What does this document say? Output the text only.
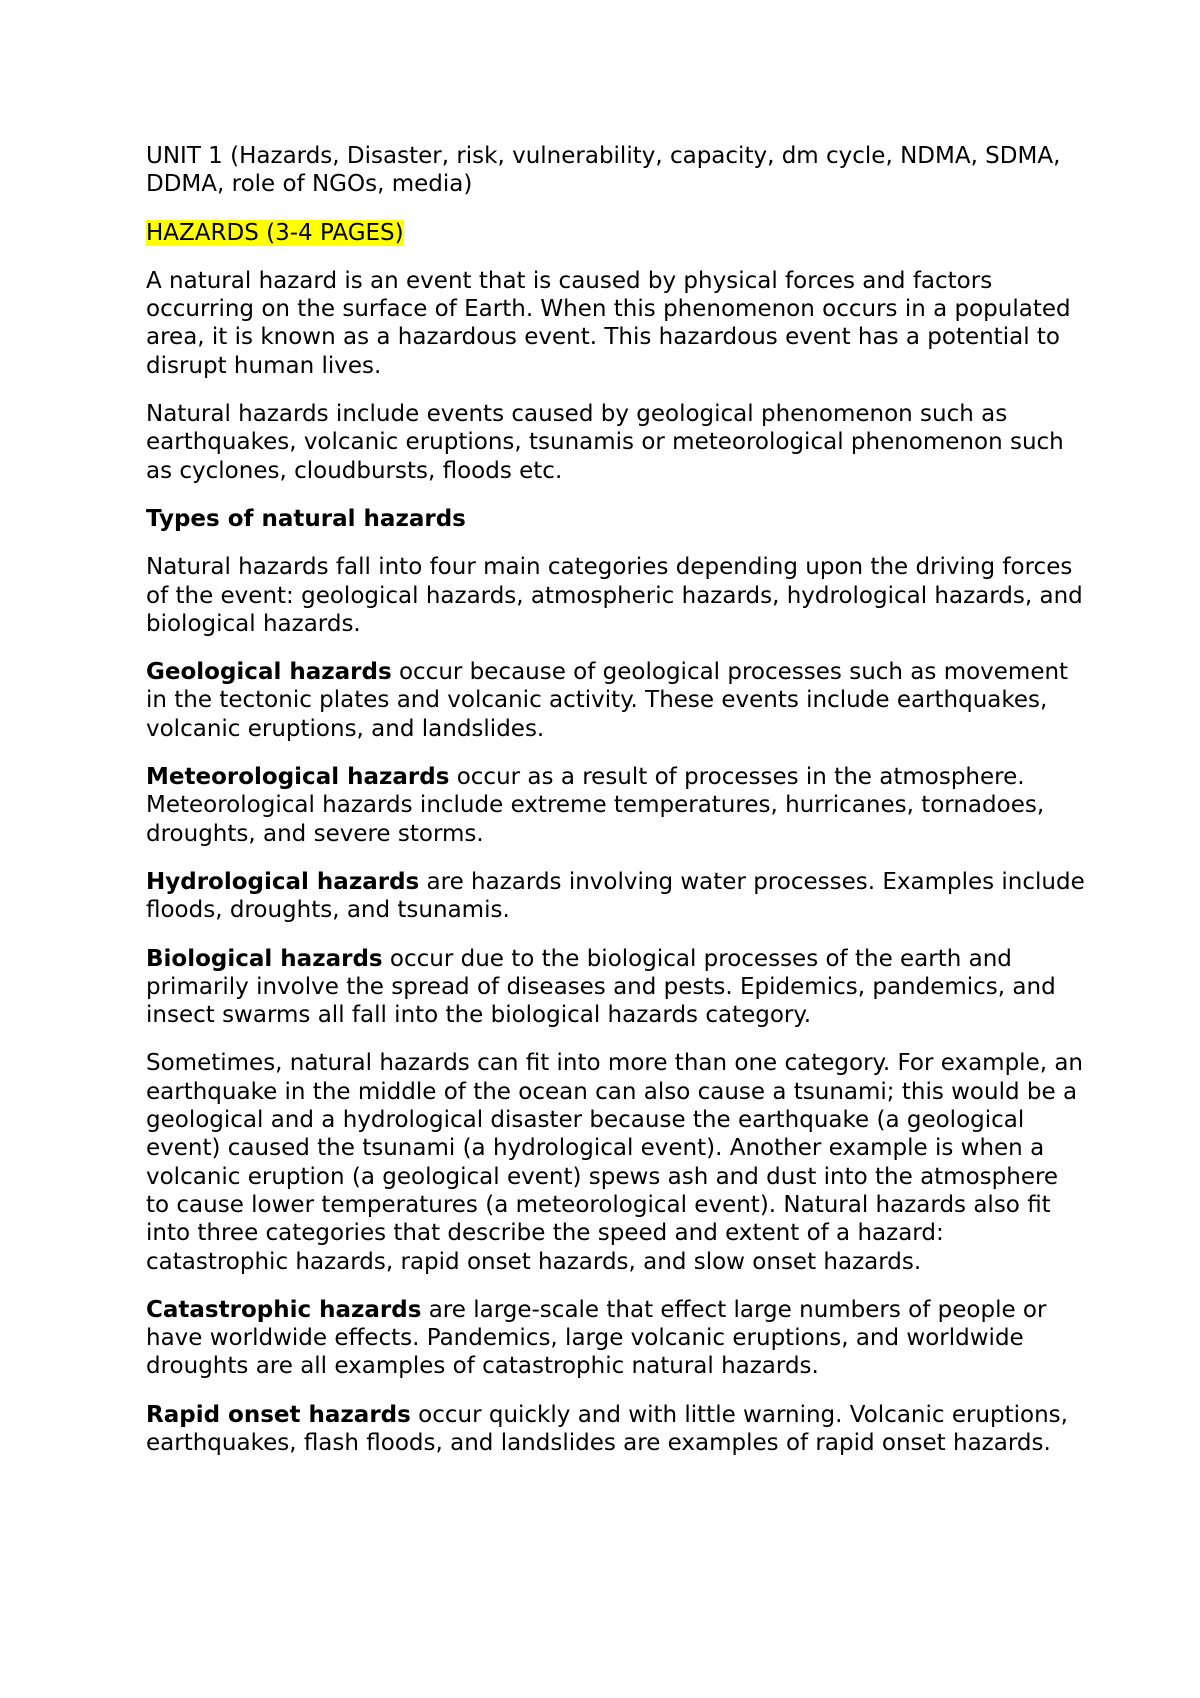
UNIT 1 (Hazards, Disaster, risk, vulnerability, capacity, dm cycle, NDMA, SDMA, DDMA, role of NGOs, media)

HAZARDS (3-4 PAGES)

A natural hazard is an event that is caused by physical forces and factors occurring on the surface of Earth. When this phenomenon occurs in a populated area, it is known as a hazardous event. This hazardous event has a potential to disrupt human lives.

Natural hazards include events caused by geological phenomenon such as earthquakes, volcanic eruptions, tsunamis or meteorological phenomenon such as cyclones, cloudbursts, floods etc.

Types of natural hazards

Natural hazards fall into four main categories depending upon the driving forces of the event: geological hazards, atmospheric hazards, hydrological hazards, and biological hazards.

Geological hazards occur because of geological processes such as movement in the tectonic plates and volcanic activity. These events include earthquakes, volcanic eruptions, and landslides.

Meteorological hazards occur as a result of processes in the atmosphere. Meteorological hazards include extreme temperatures, hurricanes, tornadoes, droughts, and severe storms.

Hydrological hazards are hazards involving water processes. Examples include floods, droughts, and tsunamis.

Biological hazards occur due to the biological processes of the earth and primarily involve the spread of diseases and pests. Epidemics, pandemics, and insect swarms all fall into the biological hazards category.

Sometimes, natural hazards can fit into more than one category. For example, an earthquake in the middle of the ocean can also cause a tsunami; this would be a geological and a hydrological disaster because the earthquake (a geological event) caused the tsunami (a hydrological event). Another example is when a volcanic eruption (a geological event) spews ash and dust into the atmosphere to cause lower temperatures (a meteorological event). Natural hazards also fit into three categories that describe the speed and extent of a hazard: catastrophic hazards, rapid onset hazards, and slow onset hazards.

Catastrophic hazards are large-scale that effect large numbers of people or have worldwide effects. Pandemics, large volcanic eruptions, and worldwide droughts are all examples of catastrophic natural hazards.

Rapid onset hazards occur quickly and with little warning. Volcanic eruptions, earthquakes, flash floods, and landslides are examples of rapid onset hazards.
